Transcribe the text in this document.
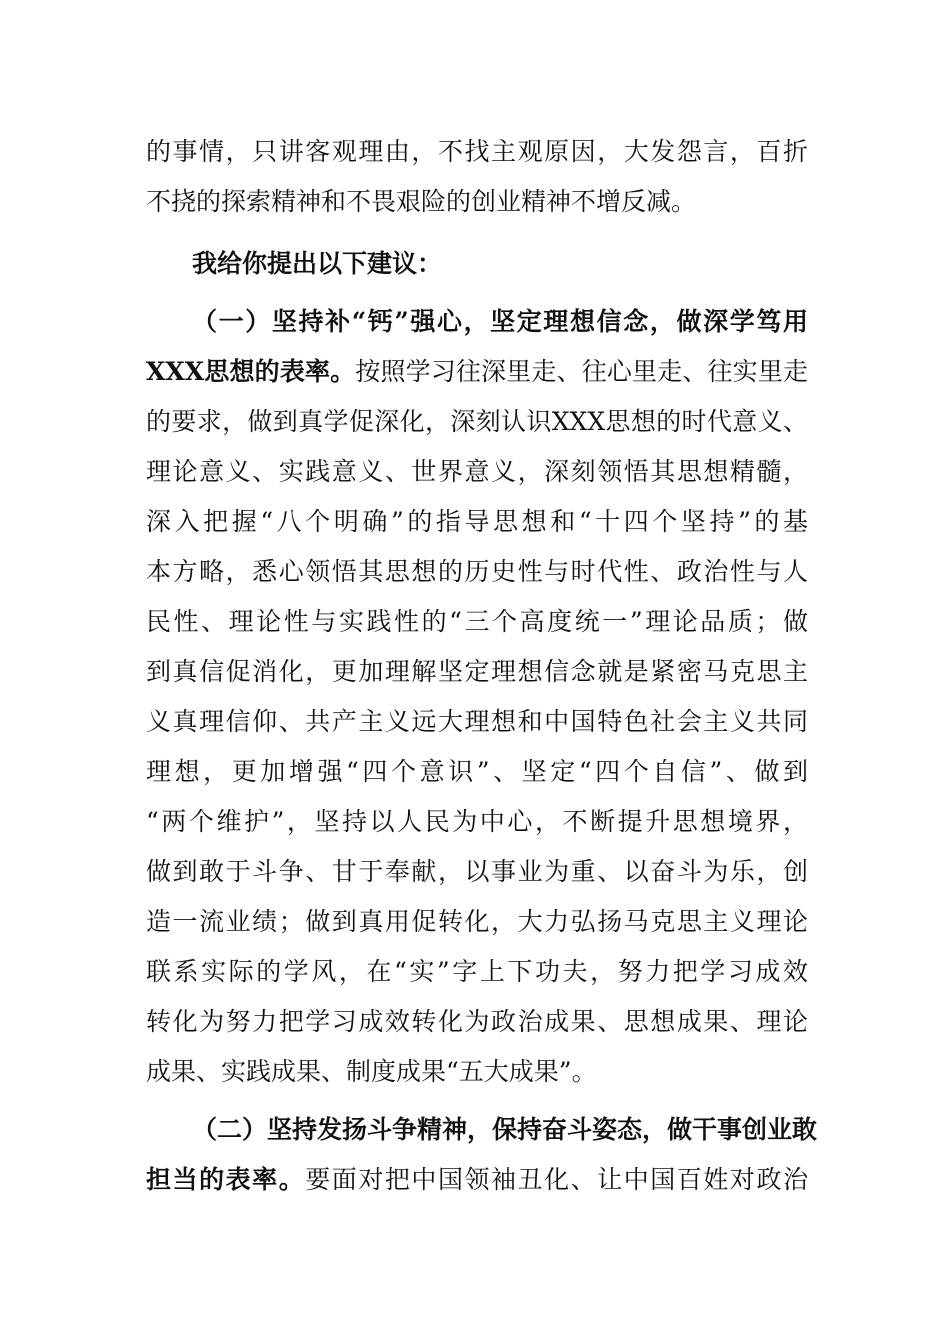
的事情，只讲客观理由，不找主观原因，大发怨言，百折
不挠的探索精神和不畏艰险的创业精神不增反减。
我给你提出以下建议：
（一）坚持补“钙”强心，坚定理想信念，做深学笃用
XXX思想的表率。按照学习往深里走、往心里走、往实里走
的要求，做到真学促深化，深刻认识XXX思想的时代意义、
理论意义、实践意义、世界意义，深刻领悟其思想精髓，
深入把握“八个明确”的指导思想和“十四个坚持”的基
本方略，悉心领悟其思想的历史性与时代性、政治性与人
民性、理论性与实践性的“三个高度统一”理论品质；做
到真信促消化，更加理解坚定理想信念就是紧密马克思主
义真理信仰、共产主义远大理想和中国特色社会主义共同
理想，更加增强“四个意识”、坚定“四个自信”、做到
“两个维护”，坚持以人民为中心，不断提升思想境界，
做到敢于斗争、甘于奉献，以事业为重、以奋斗为乐，创
造一流业绩；做到真用促转化，大力弘扬马克思主义理论
联系实际的学风，在“实”字上下功夫，努力把学习成效
转化为努力把学习成效转化为政治成果、思想成果、理论
成果、实践成果、制度成果“五大成果”。
（二）坚持发扬斗争精神，保持奋斗姿态，做干事创业敢
担当的表率。要面对把中国领袖丑化、让中国百姓对政治
